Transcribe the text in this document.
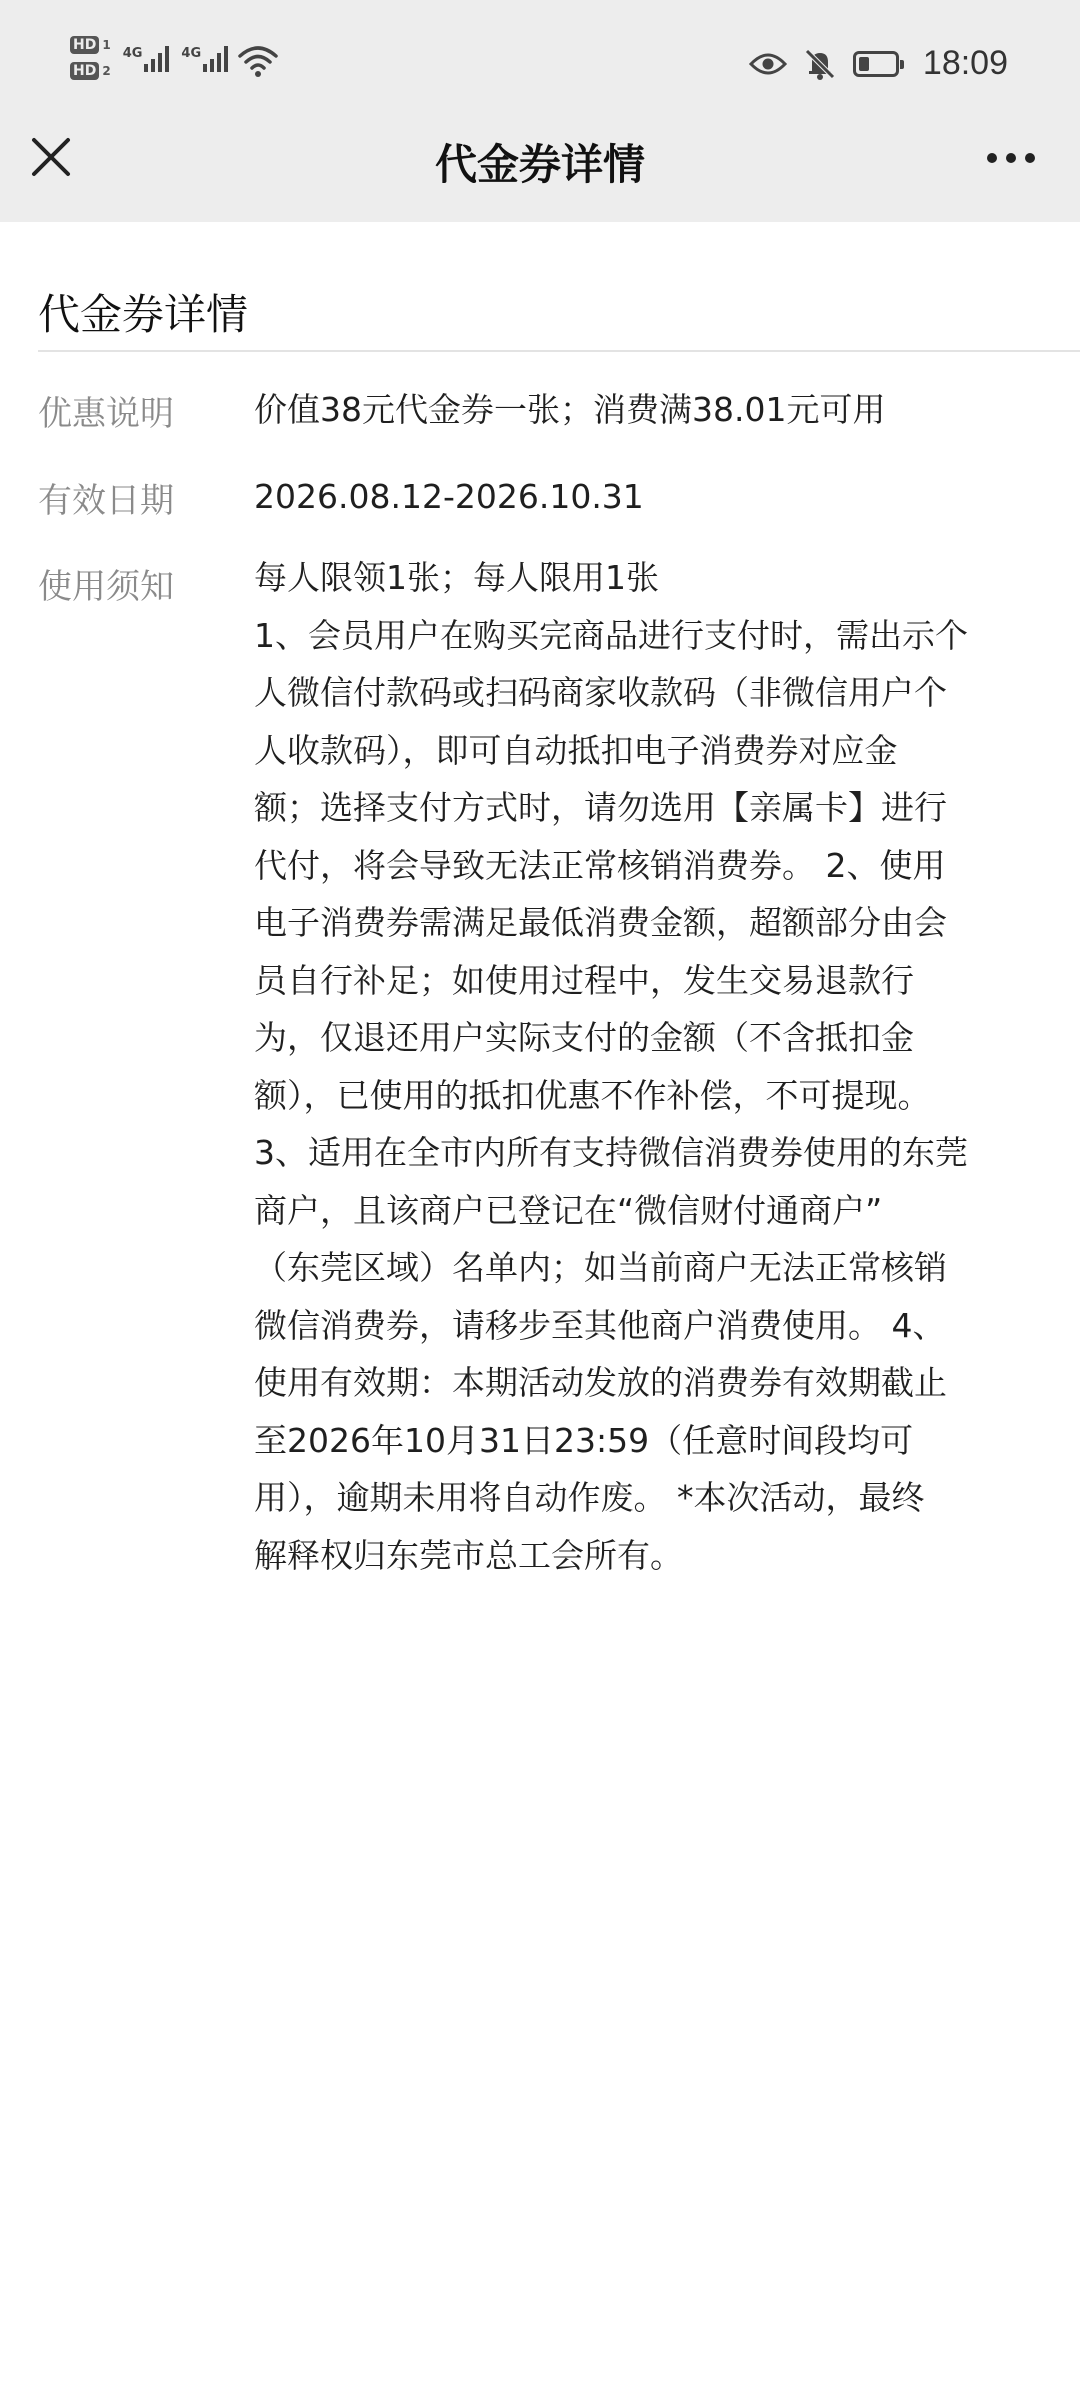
HD 1
HD 2
4G	4G	18:09
代金券详情
代金券详情
优惠说明 价值38元代金券一张；消费满38.01元可用
有效日期 2026.08.12-2026.10.31
使用须知 每人限领1张；每人限用1张
1、会员用户在购买完商品进行支付时，需出示个
人微信付款码或扫码商家收款码（非微信用户个
人收款码），即可自动抵扣电子消费券对应金
额；选择支付方式时，请勿选用【亲属卡】进行
代付，将会导致无法正常核销消费券。 2、使用
电子消费券需满足最低消费金额，超额部分由会
员自行补足；如使用过程中，发生交易退款行
为，仅退还用户实际支付的金额（不含抵扣金
额），已使用的抵扣优惠不作补偿，不可提现。
3、适用在全市内所有支持微信消费券使用的东莞
商户，且该商户已登记在“微信财付通商户”
（东莞区域）名单内；如当前商户无法正常核销
微信消费券，请移步至其他商户消费使用。 4、
使用有效期：本期活动发放的消费券有效期截止
至2026年10月31日23:59（任意时间段均可
用），逾期未用将自动作废。 *本次活动，最终
解释权归东莞市总工会所有。
